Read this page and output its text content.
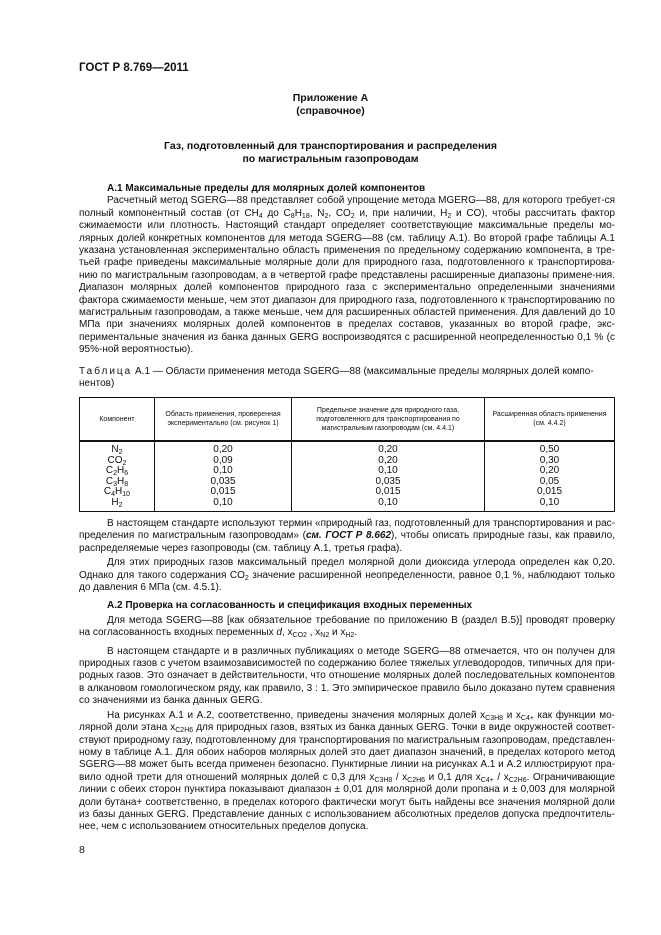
ГОСТ Р 8.769—2011
Приложение А
(справочное)
Газ, подготовленный для транспортирования и распределения
по магистральным газопроводам

А.1 Максимальные пределы для молярных долей компонентов

Расчетный метод SGERG—88 представляет собой упрощение метода MGERG—88, для которого требует-ся полный компонентный состав (от $CH_4$ до $C_8H_{18}$, $N_2$, $CO_2$ и, при наличии, $H_2$ и CO), чтобы рассчитать фактор сжимаемости или плотность. Настоящий стандарт определяет соответствующие максимальные пределы мо-лярных долей конкретных компонентов для метода SGERG—88 (см. таблицу А.1). Во второй графе таблицы А.1 указана установленная экспериментально область применения по предельному содержанию компонента, в тре-тьей графе приведены максимальные молярные доли для природного газа, подготовленного к транспортирова-нию по магистральным газопроводам, а в четвертой графе представлены расширенные диапазоны примене-ния. Диапазон молярных долей компонентов природного газа с экспериментально определенными значениями фактора сжимаемости меньше, чем этот диапазон для природного газа, подготовленного к транспортированию по магистральным газопроводам, а также меньше, чем для расширенных областей применения. Для давлений до 10 МПа при значениях молярных долей компонентов в пределах составов, указанных во второй графе, экс-периментальные значения из банка данных GERG воспроизводятся с расширенной неопределенностью 0,1 % (с 95%-ной вероятностью).

Таблица А.1 — Области применения метода SGERG—88 (максимальные пределы молярных долей компо-нентов)
Компонент	Область применения, проверенная экспериментально (см. рисунок 1)	Предельное значение для природного газа, подготовленного для транспортирования по магистральным газопроводам (см. 4.4.1)	Расширенная область применения (см. 4.4.2)
$N_2$	0,20	0,20	0,50
$CO_2$	0,09	0,20	0,30
$C_2H_6$	0,10	0,10	0,20
$C_3H_8$	0,035	0,035	0,05
$C_4H_{10}$	0,015	0,015	0,015
$H_2$	0,10	0,10	0,10

В настоящем стандарте используют термин «природный газ, подготовленный для транспортирования и рас-пределения по магистральным газопроводам» (см. ГОСТ Р 8.662), чтобы описать природные газы, как правило, распределяемые через газопроводы (см. таблицу А.1, третья графа).

Для этих природных газов максимальный предел молярной доли диоксида углерода определен как 0,20. Однако для такого содержания $CO_2$ значение расширенной неопределенности, равное 0,1 %, наблюдают только до давления 6 МПа (см. 4.5.1).

А.2 Проверка на согласованность и спецификация входных переменных

Для метода SGERG—88 [как обязательное требование по приложению В (раздел В.5)] проводят проверку на согласованность входных переменных d, $x_{CO2}$ , $x_{N2}$ и $x_{H2}$.

В настоящем стандарте и в различных публикациях о методе SGERG—88 отмечается, что он получен для природных газов с учетом взаимозависимостей по содержанию более тяжелых углеводородов, типичных для при-родных газов. Это означает в действительности, что отношение молярных долей последовательных компонентов в алкановом гомологическом ряду, как правило, 3 : 1. Это эмпирическое правило было доказано путем сравнения со значениями из банка данных GERG.

На рисунках А.1 и А.2, соответственно, приведены значения молярных долей $x_{C3H8}$ и $x_{C4+}$ как функции мо-лярной доли этана $x_{C2H6}$ для природных газов, взятых из банка данных GERG. Точки в виде окружностей соответ-ствуют природному газу, подготовленному для транспортирования по магистральным газопроводам, представлен-ному в таблице А.1. Для обоих наборов молярных долей это дает диапазон значений, в пределах которого метод SGERG—88 может быть всегда применен безопасно. Пунктирные линии на рисунках А.1 и А.2 иллюстрируют пра-вило одной трети для отношений молярных долей с 0,3 для $x_{C3H8} / x_{C2H6}$ и 0,1 для $x_{C4+} / x_{C2H6}$. Ограничивающие линии с обеих сторон пунктира показывают диапазон ± 0,01 для молярной доли пропана и ± 0,003 для молярной доли бутана+ соответственно, в пределах которого фактически могут быть найдены все значения молярной доли из базы данных GERG. Представление данных с использованием абсолютных пределов допуска предпочтитель-нее, чем с использованием относительных пределов допуска.

8
